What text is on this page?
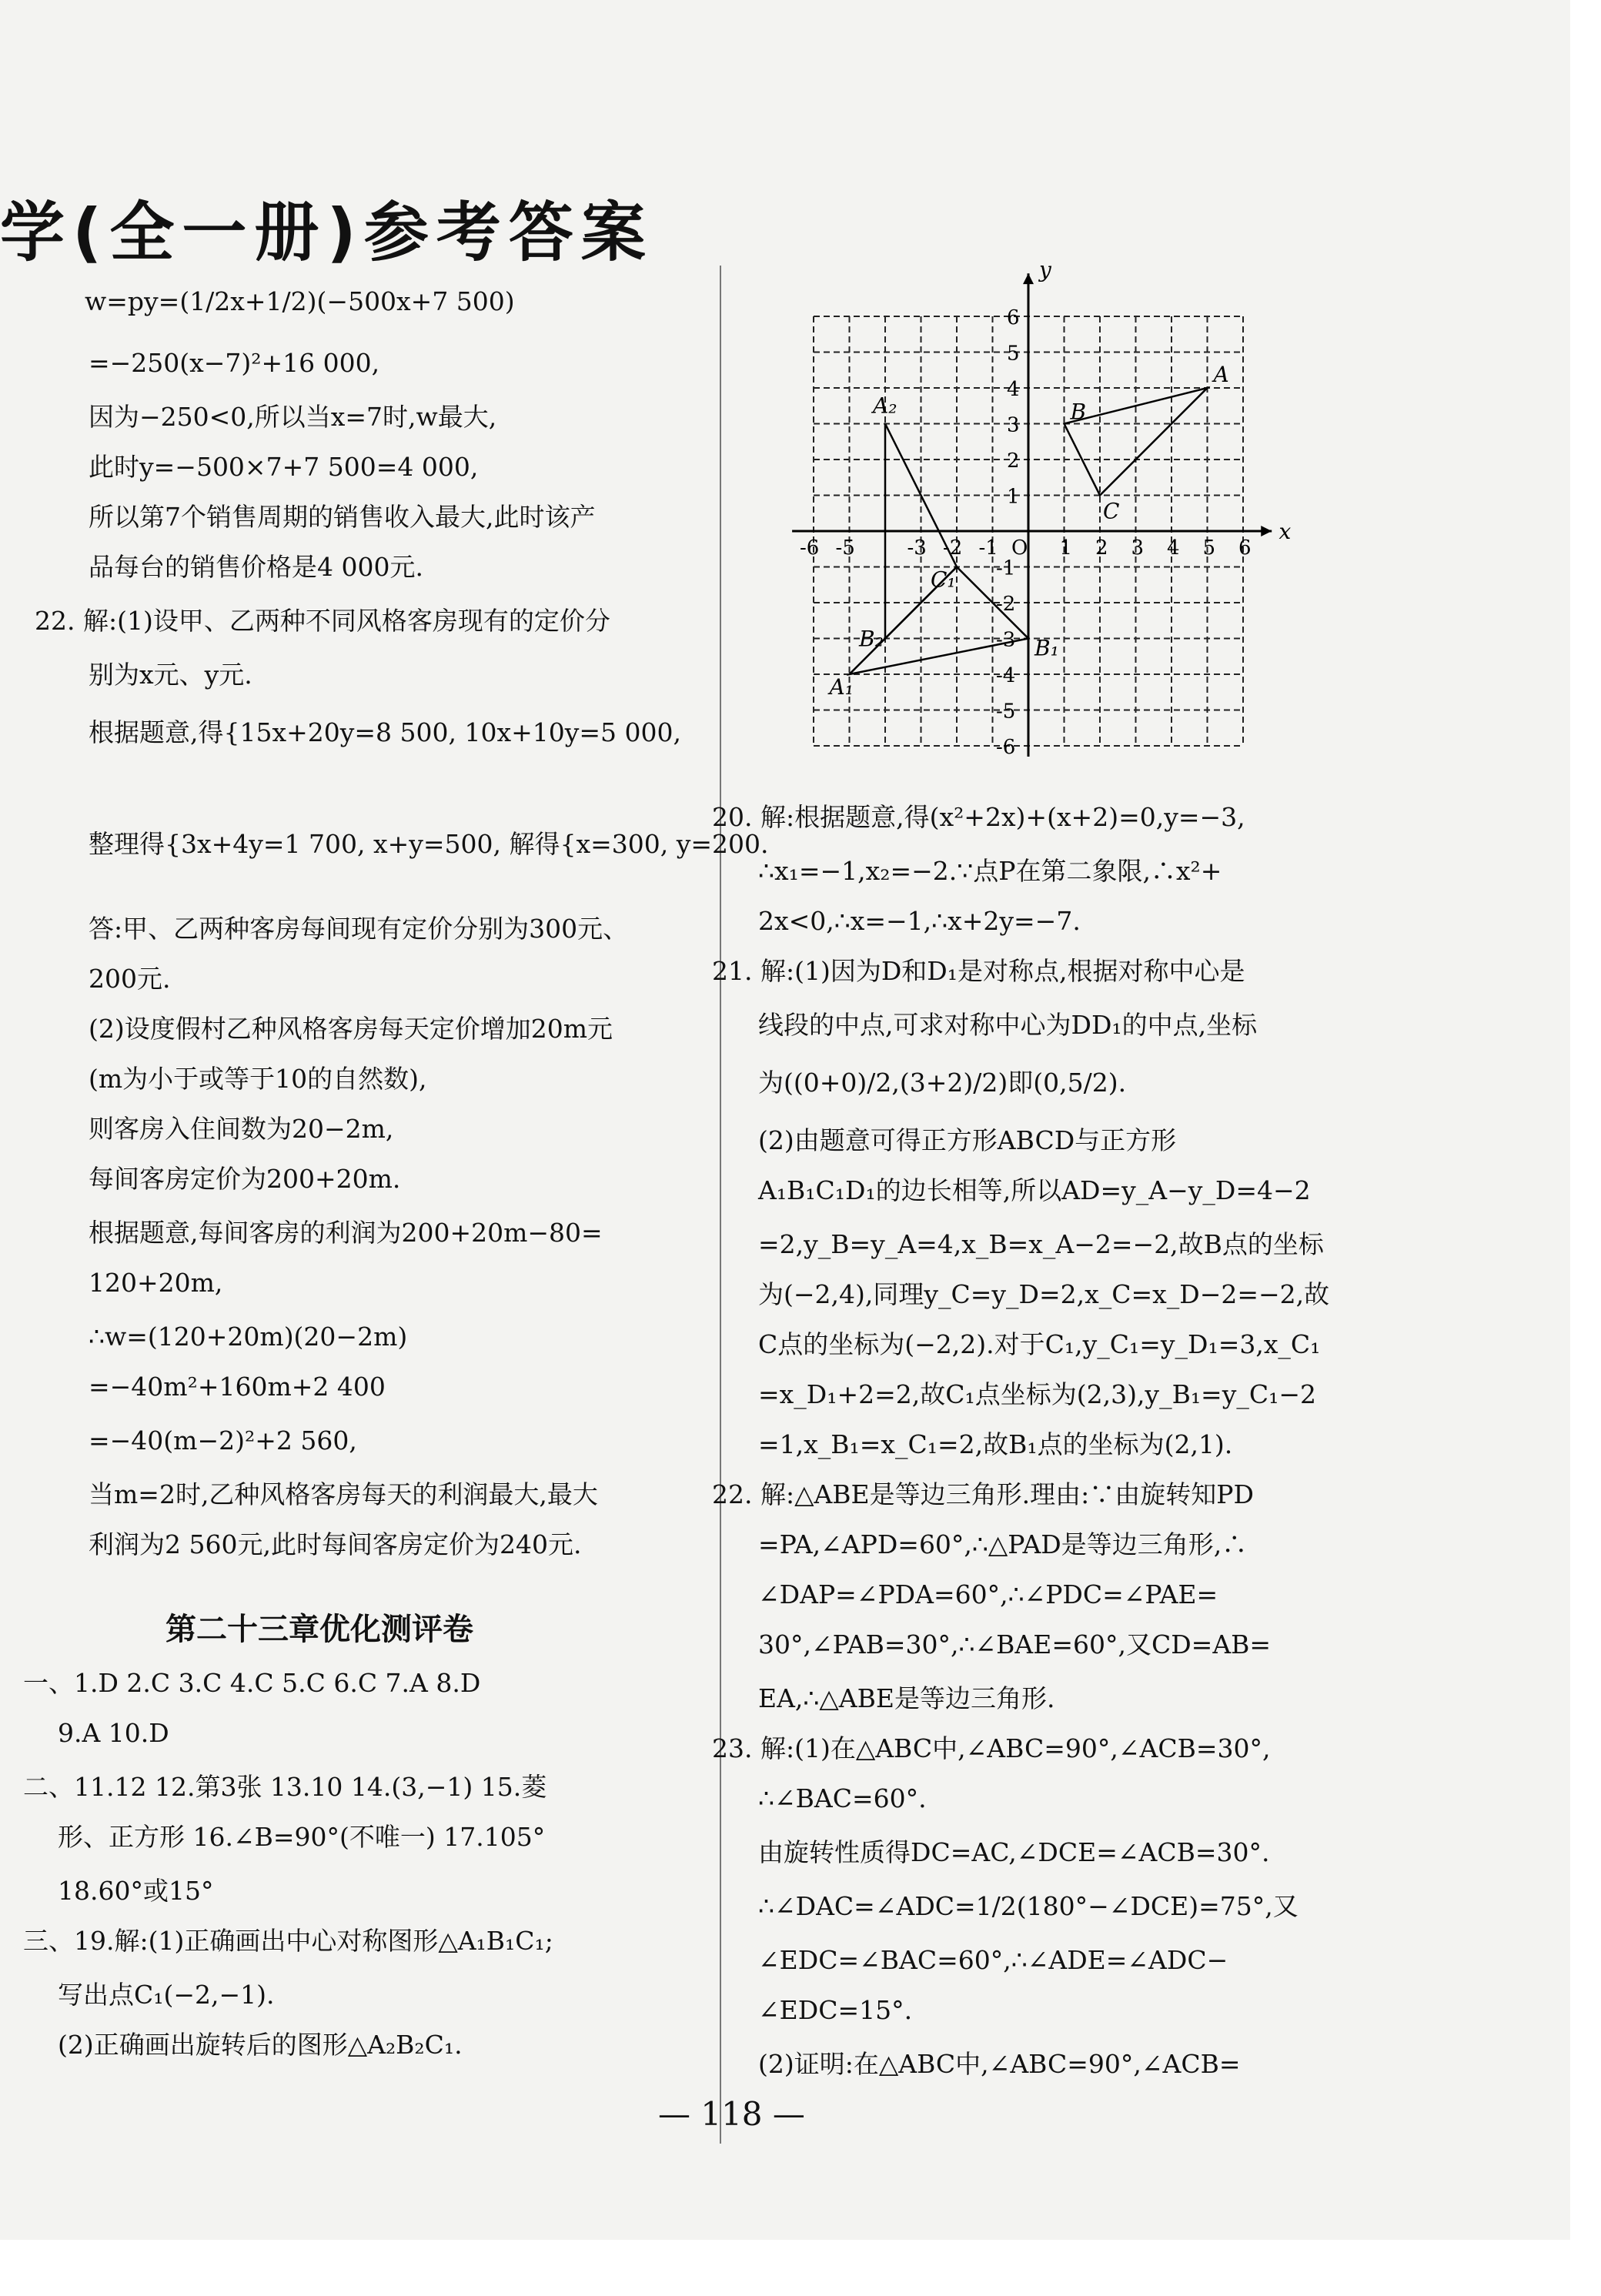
学(全一册)参考答案
w=py=(1/2x+1/2)(−500x+7 500)
=−250(x−7)²+16 000,
因为−250<0,所以当x=7时,w最大,
此时y=−500×7+7 500=4 000,
所以第7个销售周期的销售收入最大,此时该产
品每台的销售价格是4 000元.
22. 解:(1)设甲、乙两种不同风格客房现有的定价分
别为x元、y元.
根据题意,得{15x+20y=8 500, 10x+10y=5 000,
整理得{3x+4y=1 700, x+y=500, 解得{x=300, y=200.
答:甲、乙两种客房每间现有定价分别为300元、
200元.
(2)设度假村乙种风格客房每天定价增加20m元
(m为小于或等于10的自然数),
则客房入住间数为20−2m,
每间客房定价为200+20m.
根据题意,每间客房的利润为200+20m−80=
120+20m,
∴w=(120+20m)(20−2m)
=−40m²+160m+2 400
=−40(m−2)²+2 560,
当m=2时,乙种风格客房每天的利润最大,最大
利润为2 560元,此时每间客房定价为240元.
第二十三章优化测评卷
一、1.D 2.C 3.C 4.C 5.C 6.C 7.A 8.D
9.A 10.D
二、11.12 12.第3张 13.10 14.(3,−1) 15.菱
形、正方形 16.∠B=90°(不唯一) 17.105°
18.60°或15°
三、19.解:(1)正确画出中心对称图形△A₁B₁C₁;
写出点C₁(−2,−1).
(2)正确画出旋转后的图形△A₂B₂C₁.
x
y
O
-6 -5	-3 -2 -1	1 2 3 4 5 6
6
5
4
3
2
1
-1
-2
-3
-4
-5
-6
A
B
C
A₁
B₁
C₁
A₂
B₂
20. 解:根据题意,得(x²+2x)+(x+2)=0,y=−3,
∴x₁=−1,x₂=−2.∵点P在第二象限,∴x²+
2x<0,∴x=−1,∴x+2y=−7.
21. 解:(1)因为D和D₁是对称点,根据对称中心是
线段的中点,可求对称中心为DD₁的中点,坐标
为((0+0)/2,(3+2)/2)即(0,5/2).
(2)由题意可得正方形ABCD与正方形
A₁B₁C₁D₁的边长相等,所以AD=y_A−y_D=4−2
=2,y_B=y_A=4,x_B=x_A−2=−2,故B点的坐标
为(−2,4),同理y_C=y_D=2,x_C=x_D−2=−2,故
C点的坐标为(−2,2).对于C₁,y_C₁=y_D₁=3,x_C₁
=x_D₁+2=2,故C₁点坐标为(2,3),y_B₁=y_C₁−2
=1,x_B₁=x_C₁=2,故B₁点的坐标为(2,1).
22. 解:△ABE是等边三角形.理由:∵由旋转知PD
=PA,∠APD=60°,∴△PAD是等边三角形,∴
∠DAP=∠PDA=60°,∴∠PDC=∠PAE=
30°,∠PAB=30°,∴∠BAE=60°,又CD=AB=
EA,∴△ABE是等边三角形.
23. 解:(1)在△ABC中,∠ABC=90°,∠ACB=30°,
∴∠BAC=60°.
由旋转性质得DC=AC,∠DCE=∠ACB=30°.
∴∠DAC=∠ADC=1/2(180°−∠DCE)=75°,又
∠EDC=∠BAC=60°,∴∠ADE=∠ADC−
∠EDC=15°.
(2)证明:在△ABC中,∠ABC=90°,∠ACB=
— 118 —
